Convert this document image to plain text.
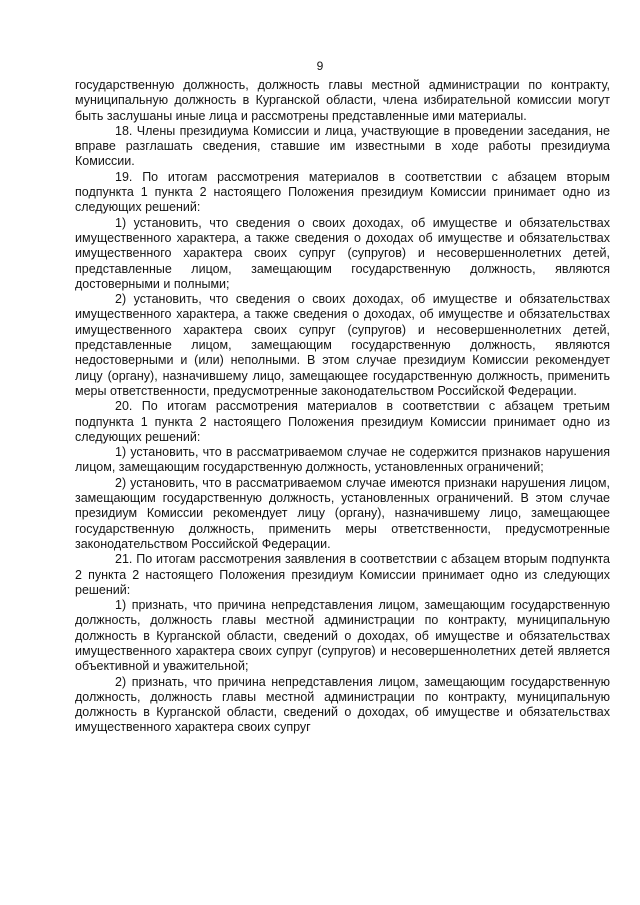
9

государственную должность, должность главы местной администрации по контракту, муниципальную должность в Курганской области, члена избирательной комиссии могут быть заслушаны иные лица и рассмотрены представленные ими материалы.

18. Члены президиума Комиссии и лица, участвующие в проведении заседания, не вправе разглашать сведения, ставшие им известными в ходе работы президиума Комиссии.

19. По итогам рассмотрения материалов в соответствии с абзацем вторым подпункта 1 пункта 2 настоящего Положения президиум Комиссии принимает одно из следующих решений:

1) установить, что сведения о своих доходах, об имуществе и обязательствах имущественного характера, а также сведения о доходах об имуществе и обязательствах имущественного характера своих супруг (супругов) и несовершеннолетних детей, представленные лицом, замещающим государственную должность, являются достоверными и полными;

2) установить, что сведения о своих доходах, об имуществе и обязательствах имущественного характера, а также сведения о доходах, об имуществе и обязательствах имущественного характера своих супруг (супругов) и несовершеннолетних детей, представленные лицом, замещающим государственную должность, являются недостоверными и (или) неполными. В этом случае президиум Комиссии рекомендует лицу (органу), назначившему лицо, замещающее государственную должность, применить меры ответственности, предусмотренные законодательством Российской Федерации.

20. По итогам рассмотрения материалов в соответствии с абзацем третьим подпункта 1 пункта 2 настоящего Положения президиум Комиссии принимает одно из следующих решений:

1) установить, что в рассматриваемом случае не содержится признаков нарушения лицом, замещающим государственную должность, установленных ограничений;

2) установить, что в рассматриваемом случае имеются признаки нарушения лицом, замещающим государственную должность, установленных ограничений. В этом случае президиум Комиссии рекомендует лицу (органу), назначившему лицо, замещающее государственную должность, применить меры ответственности, предусмотренные законодательством Российской Федерации.

21. По итогам рассмотрения заявления в соответствии с абзацем вторым подпункта 2 пункта 2 настоящего Положения президиум Комиссии принимает одно из следующих решений:

1) признать, что причина непредставления лицом, замещающим государственную должность, должность главы местной администрации по контракту, муниципальную должность в Курганской области, сведений о доходах, об имуществе и обязательствах имущественного характера своих супруг (супругов) и несовершеннолетних детей является объективной и уважительной;

2) признать, что причина непредставления лицом, замещающим государственную должность, должность главы местной администрации по контракту, муниципальную должность в Курганской области, сведений о доходах, об имуществе и обязательствах имущественного характера своих супруг
